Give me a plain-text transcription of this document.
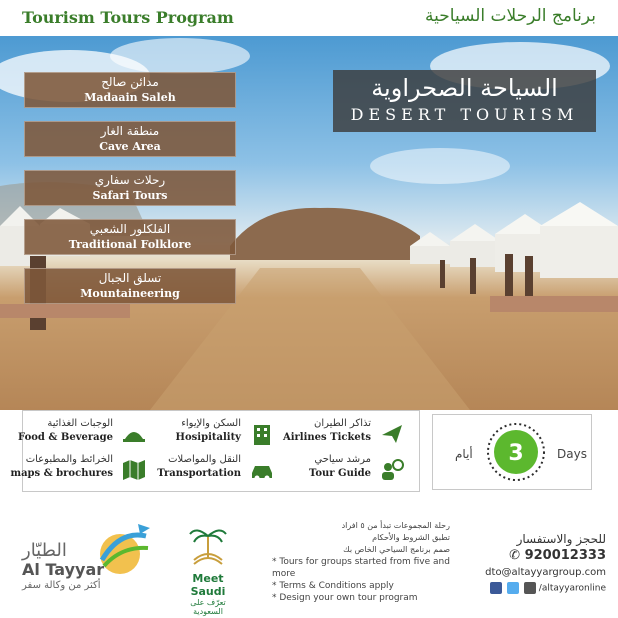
Tourism Tours Program	برنامج الرحلات السياحية
مدائن صالح
Madaain Saleh
منطقة الغار
Cave Area
رحلات سفاري
Safari Tours
الفلكلور الشعبي
Traditional Folklore
تسلق الجبال
Mountaineering
السياحة الصحراوية
DESERT TOURISM
تذاكر الطيران
Airlines Tickets
السكن والإيواء
Hosipitality
الوجبات الغذائية
Food & Beverage
مرشد سياحي
Tour Guide
النقل والمواصلات
Transportation
الخرائط والمطبوعات
maps & brochures
أيام 3	Days
الطيّار
Al Tayyar
أكثر من وكالة سفر
Meet Saudi
تعرّف على السعودية
رحلة المجموعات تبدأ من ٥ افراد
تطبق الشروط والأحكام
صمم برنامج السياحي الخاص بك
* Tours for groups started from five and more
* Terms & Conditions apply
* Design your own tour program
للحجز والاستفسار
✆ 920012333
dto@altayyargroup.com
/altayyaronline
